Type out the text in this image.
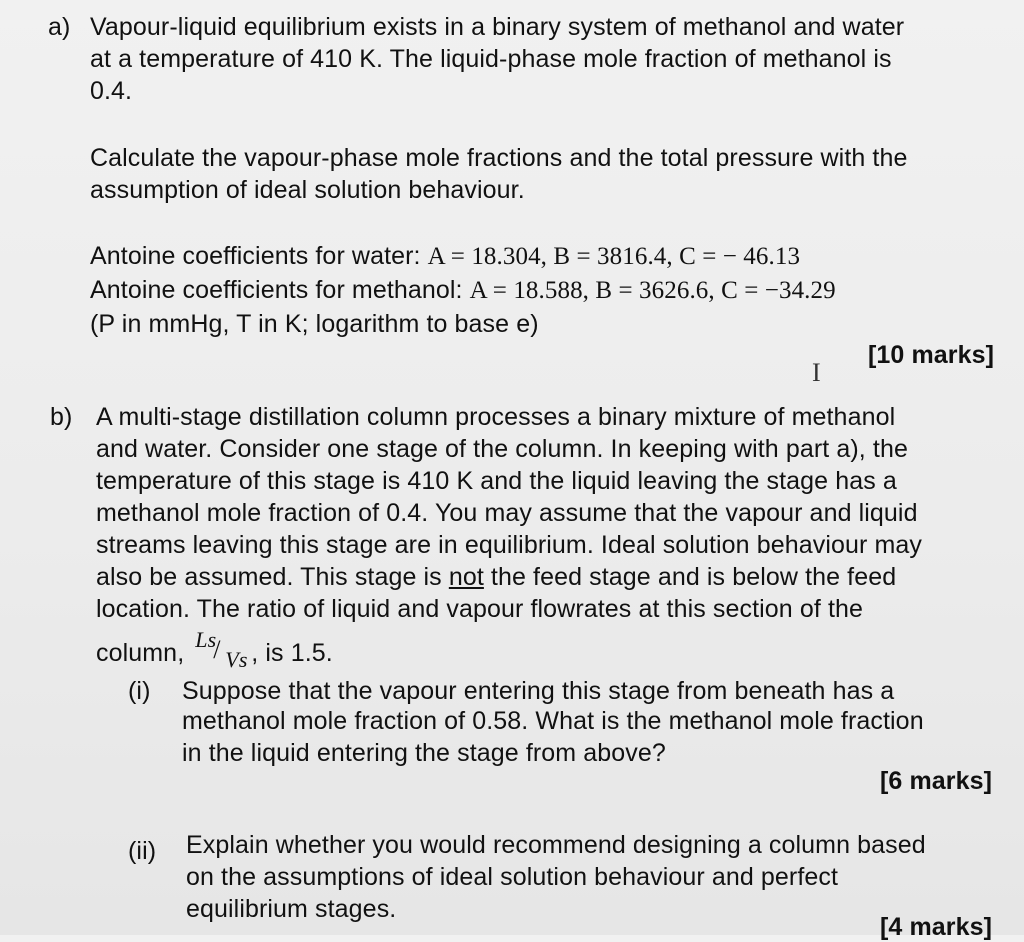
a) Vapour-liquid equilibrium exists in a binary system of methanol and water
at a temperature of 410 K. The liquid-phase mole fraction of methanol is
0.4.
Calculate the vapour-phase mole fractions and the total pressure with the
assumption of ideal solution behaviour.
Antoine coefficients for water: A = 18.304, B = 3816.4, C = − 46.13
Antoine coefficients for methanol: A = 18.588, B = 3626.6, C = −34.29
(P in mmHg, T in K; logarithm to base e)
[10 marks]
I
b) A multi-stage distillation column processes a binary mixture of methanol
and water. Consider one stage of the column. In keeping with part a), the
temperature of this stage is 410 K and the liquid leaving the stage has a
methanol mole fraction of 0.4. You may assume that the vapour and liquid
streams leaving this stage are in equilibrium. Ideal solution behaviour may
also be assumed. This stage is not the feed stage and is below the feed
location. The ratio of liquid and vapour flowrates at this section of the
column, Ls
/ Vs , is 1.5.
(i) Suppose that the vapour entering this stage from beneath has a
methanol mole fraction of 0.58. What is the methanol mole fraction
in the liquid entering the stage from above?
[6 marks]
(ii) Explain whether you would recommend designing a column based
on the assumptions of ideal solution behaviour and perfect
equilibrium stages.
[4 marks]
